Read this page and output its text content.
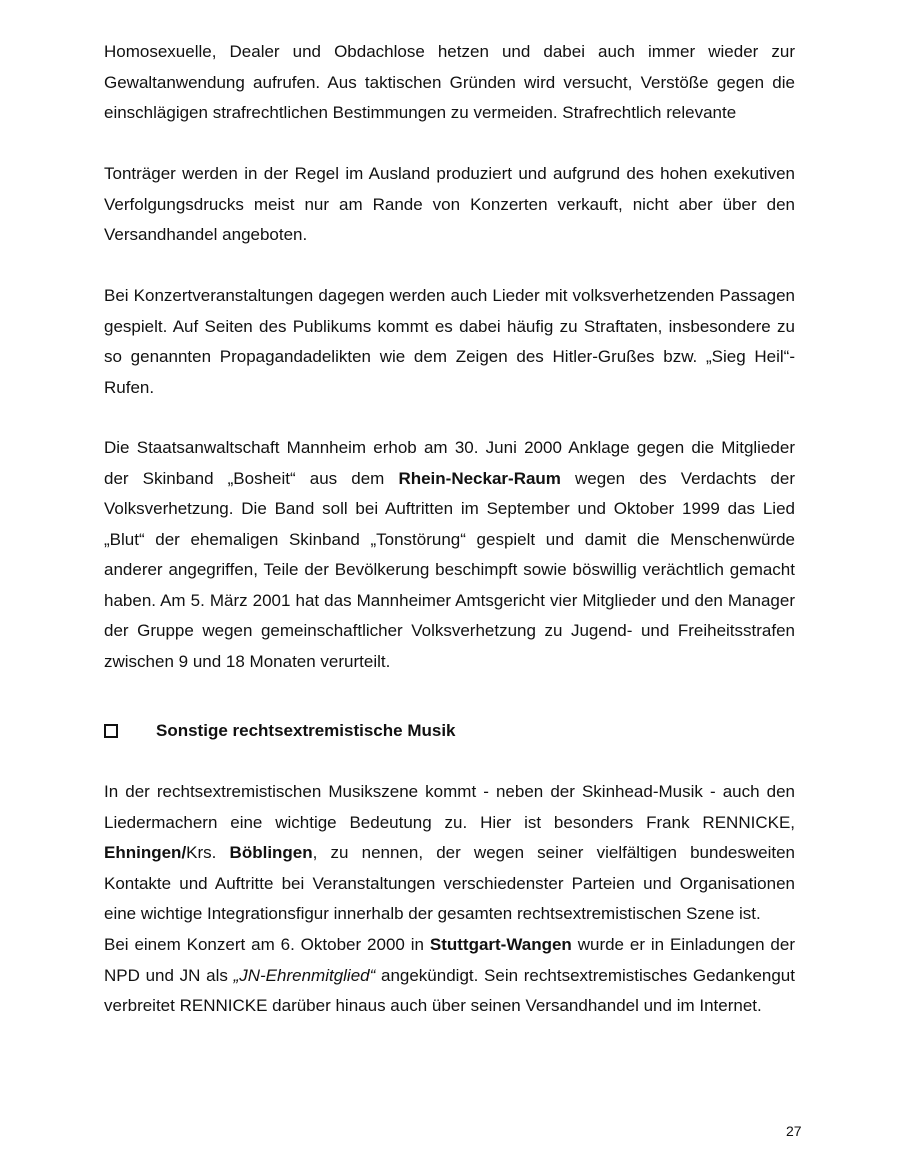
Homosexuelle, Dealer und Obdachlose hetzen und dabei auch immer wieder zur Gewaltanwendung aufrufen. Aus taktischen Gründen wird versucht, Verstöße gegen die einschlägigen strafrechtlichen Bestimmungen zu vermeiden. Strafrechtlich relevante

Tonträger werden in der Regel im Ausland produziert und aufgrund des hohen exekutiven Verfolgungsdrucks meist nur am Rande von Konzerten verkauft, nicht aber über den Versandhandel angeboten.

Bei Konzertveranstaltungen dagegen werden auch Lieder mit volksverhetzenden Passagen gespielt. Auf Seiten des Publikums kommt es dabei häufig zu Straftaten, insbesondere zu so genannten Propagandadelikten wie dem Zeigen des Hitler-Grußes bzw. „Sieg Heil“-Rufen.

Die Staatsanwaltschaft Mannheim erhob am 30. Juni 2000 Anklage gegen die Mitglieder der Skinband „Bosheit“ aus dem Rhein-Neckar-Raum wegen des Verdachts der Volksverhetzung. Die Band soll bei Auftritten im September und Oktober 1999 das Lied „Blut“ der ehemaligen Skinband „Tonstörung“ gespielt und damit die Menschenwürde anderer angegriffen, Teile der Bevölkerung beschimpft sowie böswillig verächtlich gemacht haben. Am 5. März 2001 hat das Mannheimer Amtsgericht vier Mitglieder und den Manager der Gruppe wegen gemeinschaftlicher Volksverhetzung zu Jugend- und Freiheitsstrafen zwischen 9 und 18 Monaten verurteilt.

Sonstige rechtsextremistische Musik

In der rechtsextremistischen Musikszene kommt - neben der Skinhead-Musik - auch den Liedermachern eine wichtige Bedeutung zu. Hier ist besonders Frank RENNICKE, Ehningen/Krs. Böblingen, zu nennen, der wegen seiner vielfältigen bundesweiten Kontakte und Auftritte bei Veranstaltungen verschiedenster Parteien und Organisationen eine wichtige Integrationsfigur innerhalb der gesamten rechtsextremistischen Szene ist.

Bei einem Konzert am 6. Oktober 2000 in Stuttgart-Wangen wurde er in Einladungen der NPD und JN als „JN-Ehrenmitglied“ angekündigt. Sein rechtsextremistisches Gedankengut verbreitet RENNICKE darüber hinaus auch über seinen Versandhandel und im Internet.

27
